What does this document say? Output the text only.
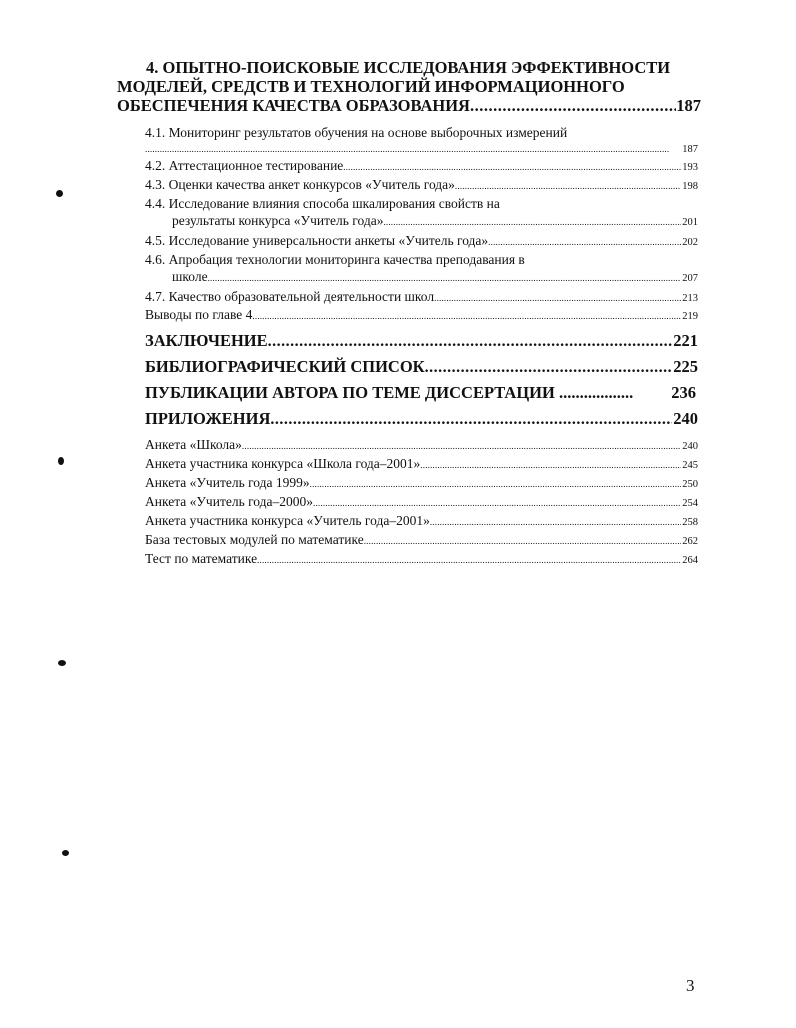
4. ОПЫТНО-ПОИСКОВЫЕ ИССЛЕДОВАНИЯ ЭФФЕКТИВНОСТИ
МОДЕЛЕЙ, СРЕДСТВ И ТЕХНОЛОГИЙ ИНФОРМАЦИОННОГО
ОБЕСПЕЧЕНИЯ КАЧЕСТВА ОБРАЗОВАНИЯ .....	187
4.1. Мониторинг результатов обучения на основе выборочных измерений
.....
187
4.2. Аттестационное тестирование .....	193
4.3. Оценки качества анкет конкурсов «Учитель года» .....	198
4.4. Исследование влияния способа шкалирования свойств на
результаты конкурса «Учитель года» .....	201
4.5. Исследование универсальности анкеты «Учитель года» .....	202
4.6. Апробация технологии мониторинга качества преподавания в
школе .....	207
4.7. Качество образовательной деятельности школ .....	213
Выводы по главе 4 .....	219
ЗАКЛЮЧЕНИЕ .....	221
БИБЛИОГРАФИЧЕСКИЙ СПИСОК .....	225
ПУБЛИКАЦИИ АВТОРА ПО ТЕМЕ ДИССЕРТАЦИИ .................. 236
ПРИЛОЖЕНИЯ .....	240
Анкета «Школа» .....	240
Анкета участника конкурса «Школа года–2001» .....	245
Анкета «Учитель года 1999» .....	250
Анкета «Учитель года–2000» .....	254
Анкета участника конкурса «Учитель года–2001» .....	258
База тестовых модулей по математике .....	262
Тест по математике .....	264
3
